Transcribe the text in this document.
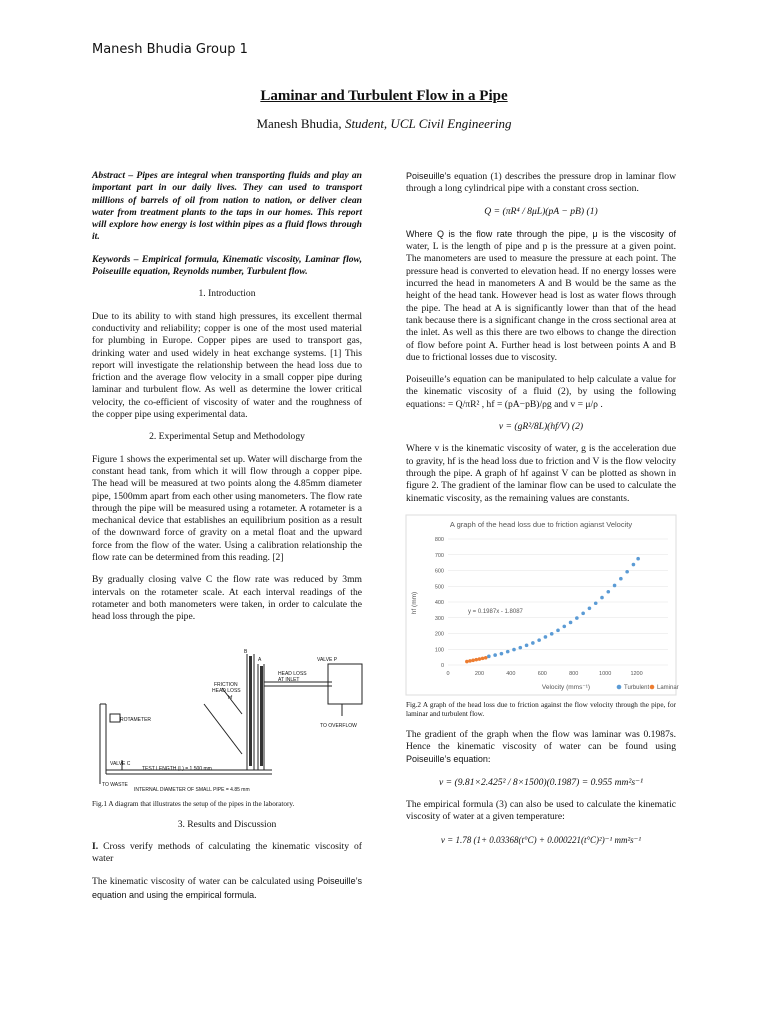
Manesh Bhudia Group 1
Laminar and Turbulent Flow in a Pipe
Manesh Bhudia, Student, UCL Civil Engineering

Abstract – Pipes are integral when transporting fluids and play an important part in our daily lives. They can used to transport millions of barrels of oil from nation to nation, or deliver clean water from treatment plants to the taps in our homes. This report will explore how energy is lost within pipes as a fluid flows through it.

Keywords – Empirical formula, Kinematic viscosity, Laminar flow, Poiseuille equation, Reynolds number, Turbulent flow.

1. Introduction

Due to its ability to with stand high pressures, its excellent thermal conductivity and reliability; copper is one of the most used material for plumbing in Europe. Copper pipes are used to transport gas, drinking water and used widely in heat exchange systems. [1] This report will investigate the relationship between the head loss due to friction and the average flow velocity in a small copper pipe during laminar and turbulent flow. As well as determine the lower critical velocity, the co-efficient of viscosity of water and the roughness of the copper pipe using experimental data.

2. Experimental Setup and Methodology

Figure 1 shows the experimental set up. Water will discharge from the constant head tank, from which it will flow through a copper pipe. The head will be measured at two points along the 4.85mm diameter pipe, 1500mm apart from each other using manometers. The flow rate through the pipe will be measured using a rotameter. A rotameter is a mechanical device that establishes an equilibrium position as a result of the downward force of gravity on a metal float and the upward force from the flow of the water. Using a calibration relationship the flow rate can be determined from this reading. [2]

By gradually closing valve C the flow rate was reduced by 3mm intervals on the rotameter scale. At each interval readings of the rotameter and both manometers were taken, in order to calculate the head loss through the pipe.

B
A	VALVE P
HEAD LOSS
AT INLET
FRICTION
HEAD LOSS
hf
ROTAMETER
TO OVERFLOW
VALVE C
TEST LENGTH (L) = 1 500 mm
TO WASTE
INTERNAL DIAMETER OF SMALL PIPE = 4.85 mm

Fig.1 A diagram that illustrates the setup of the pipes in the laboratory.

3. Results and Discussion

I. Cross verify methods of calculating the kinematic viscosity of water

The kinematic viscosity of water can be calculated using Poiseuille’s equation and using the empirical formula.

Poiseuille’s equation (1) describes the pressure drop in laminar flow through a long cylindrical pipe with a constant cross section.

Q = (πR⁴ / 8μL)(pA − pB) (1)

Where Q is the flow rate through the pipe, μ is the viscosity of water, L is the length of pipe and p is the pressure at a given point. The manometers are used to measure the pressure at each point. The pressure head is converted to elevation head. If no energy losses were incurred the head in manometers A and B would be the same as the height of the head tank. However head is lost as water flows through the pipe. The head at A is significantly lower than that of the head tank because there is a significant change in the cross sectional area at the inlet. As well as this there are two elbows to change the direction of flow before point A. Further head is lost between points A and B due to frictional losses due to viscosity.

Poiseuille’s equation can be manipulated to help calculate a value for the kinematic viscosity of a fluid (2), by using the following equations: = Q/πR² , hf = (pA−pB)/ρg and v = μ/ρ .

v = (gR²/8L)(hf/V) (2)

Where v is the kinematic viscosity of water, g is the acceleration due to gravity, hf is the head loss due to friction and V is the flow velocity through the pipe. A graph of hf against V can be plotted as shown in figure 2. The gradient of the laminar flow can be used to calculate the kinematic viscosity, as the remaining values are constants.

A graph of the head loss due to friction agianst Velocity
0
100
200
300
400
500
600
700
800
0	200	400	600	800	1000	1200
y = 0.1987x - 1.8087
hf (mm)
Velocity (mms⁻¹)	Turbulent Laminar

Fig.2 A graph of the head loss due to friction against the flow velocity through the pipe, for laminar and turbulent flow.

The gradient of the graph when the flow was laminar was 0.1987s. Hence the kinematic viscosity of water can be found using Poiseuille’s equation:

v = (9.81×2.425² / 8×1500)(0.1987) = 0.955 mm²s⁻¹

The empirical formula (3) can also be used to calculate the kinematic viscosity of water at a given temperature:

v = 1.78 (1+ 0.03368(t°C) + 0.000221(t°C)²)⁻¹ mm²s⁻¹
